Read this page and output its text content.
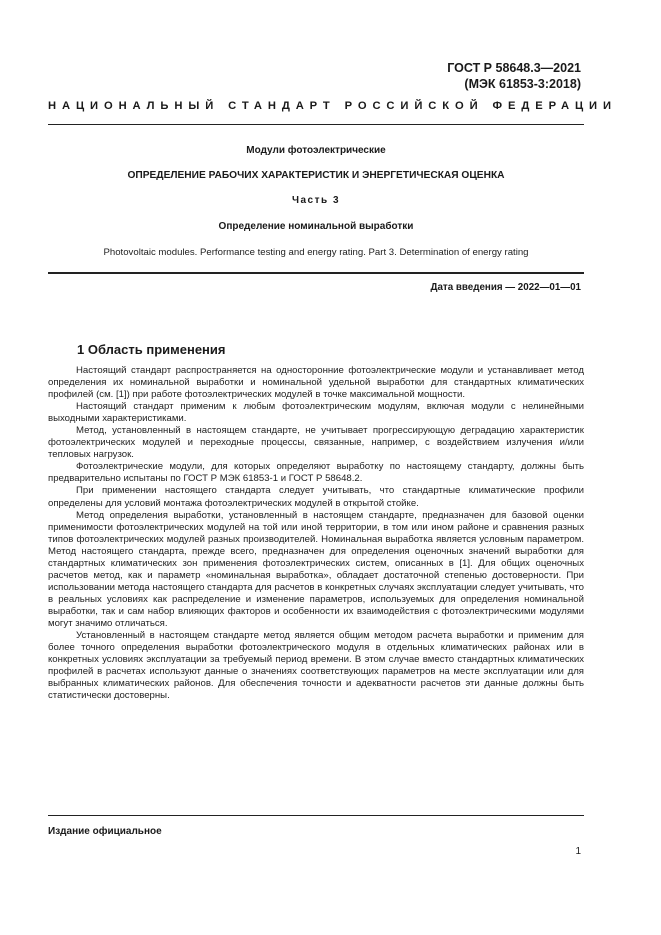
ГОСТ Р 58648.3—2021
(МЭК 61853-3:2018)
НАЦИОНАЛЬНЫЙ СТАНДАРТ РОССИЙСКОЙ ФЕДЕРАЦИИ
Модули фотоэлектрические
ОПРЕДЕЛЕНИЕ РАБОЧИХ ХАРАКТЕРИСТИК И ЭНЕРГЕТИЧЕСКАЯ ОЦЕНКА
Часть 3
Определение номинальной выработки
Photovoltaic modules. Performance testing and energy rating. Part 3. Determination of energy rating
Дата введения — 2022—01—01
1 Область применения

Настоящий стандарт распространяется на односторонние фотоэлектрические модули и устанавливает метод определения их номинальной выработки и номинальной удельной выработки для стандартных климатических профилей (см. [1]) при работе фотоэлектрических модулей в точке максимальной мощности.

Настоящий стандарт применим к любым фотоэлектрическим модулям, включая модули с нелинейными выходными характеристиками.

Метод, установленный в настоящем стандарте, не учитывает прогрессирующую деградацию характеристик фотоэлектрических модулей и переходные процессы, связанные, например, с воздействием излучения и/или тепловых нагрузок.

Фотоэлектрические модули, для которых определяют выработку по настоящему стандарту, должны быть предварительно испытаны по ГОСТ Р МЭК 61853-1 и ГОСТ Р 58648.2.

При применении настоящего стандарта следует учитывать, что стандартные климатические профили определены для условий монтажа фотоэлектрических модулей в открытой стойке.

Метод определения выработки, установленный в настоящем стандарте, предназначен для базовой оценки применимости фотоэлектрических модулей на той или иной территории, в том или ином районе и сравнения разных типов фотоэлектрических модулей разных производителей. Номинальная выработка является условным параметром. Метод настоящего стандарта, прежде всего, предназначен для определения оценочных значений выработки для стандартных климатических зон применения фотоэлектрических систем, описанных в [1]. Для общих оценочных расчетов метод, как и параметр «номинальная выработка», обладает достаточной степенью достоверности. При использовании метода настоящего стандарта для расчетов в конкретных случаях эксплуатации следует учитывать, что в реальных условиях как распределение и изменение параметров, используемых для определения номинальной выработки, так и сам набор влияющих факторов и особенности их взаимодействия с фотоэлектрическими модулями могут значимо отличаться.

Установленный в настоящем стандарте метод является общим методом расчета выработки и применим для более точного определения выработки фотоэлектрического модуля в отдельных климатических районах или в конкретных условиях эксплуатации за требуемый период времени. В этом случае вместо стандартных климатических профилей в расчетах используют данные о значениях соответствующих параметров на месте эксплуатации или для выбранных климатических районов. Для обеспечения точности и адекватности расчетов эти данные должны быть статистически достоверны.

Издание официальное
1
